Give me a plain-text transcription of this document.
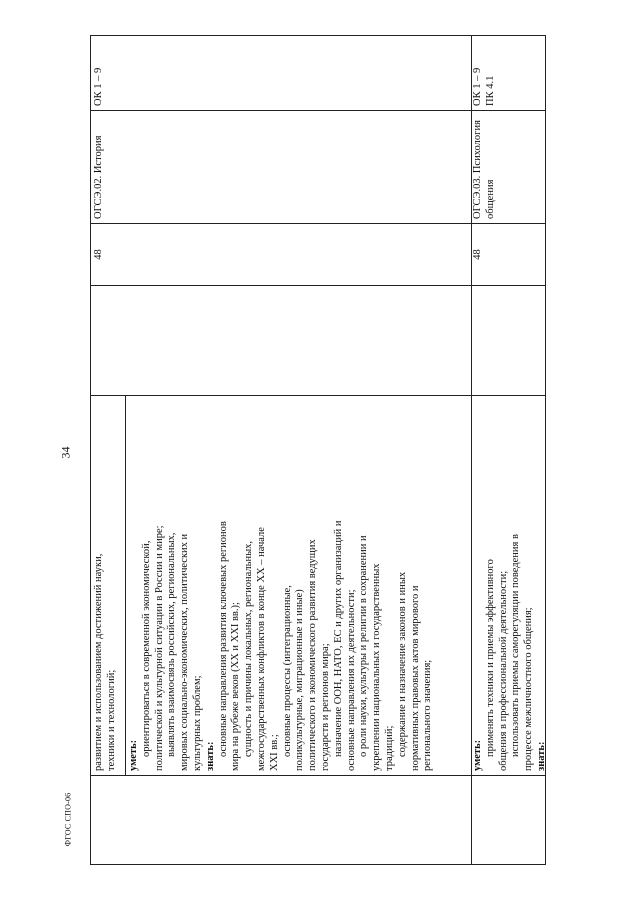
34
ФГОС СПО-06
развитием и использованием достижений науки, техники и технологий; уметь: ориентироваться в современной экономической, политической и культурной ситуации в России и мире; выявлять взаимосвязь российских, региональных, мировых социально-экономических, политических и культурных проблем; знать: основные направления развития ключевых регионов мира на рубеже веков (XX и XXI вв.); сущность и причины локальных, региональных, межгосударственных конфликтов в конце XX – начале XXI вв.; основные процессы (интеграционные, поликультурные, миграционные и иные) политического и экономического развития ведущих государств и регионов мира; назначение ООН, НАТО, ЕС и других организаций и основные направления их деятельности; о роли науки, культуры и религии в сохранении и укреплении национальных и государственных традиций; содержание и назначение законов и иных нормативных правовых актов мирового и регионального значения;
48
ОГСЭ.02. История
ОК 1 – 9
уметь: применять техники и приемы эффективного общения в профессиональной деятельности; использовать приемы саморегуляции поведения в процессе межличностного общения; знать:
48
ОГСЭ.03. Психология общения
ОК 1 – 9 ПК 4.1
